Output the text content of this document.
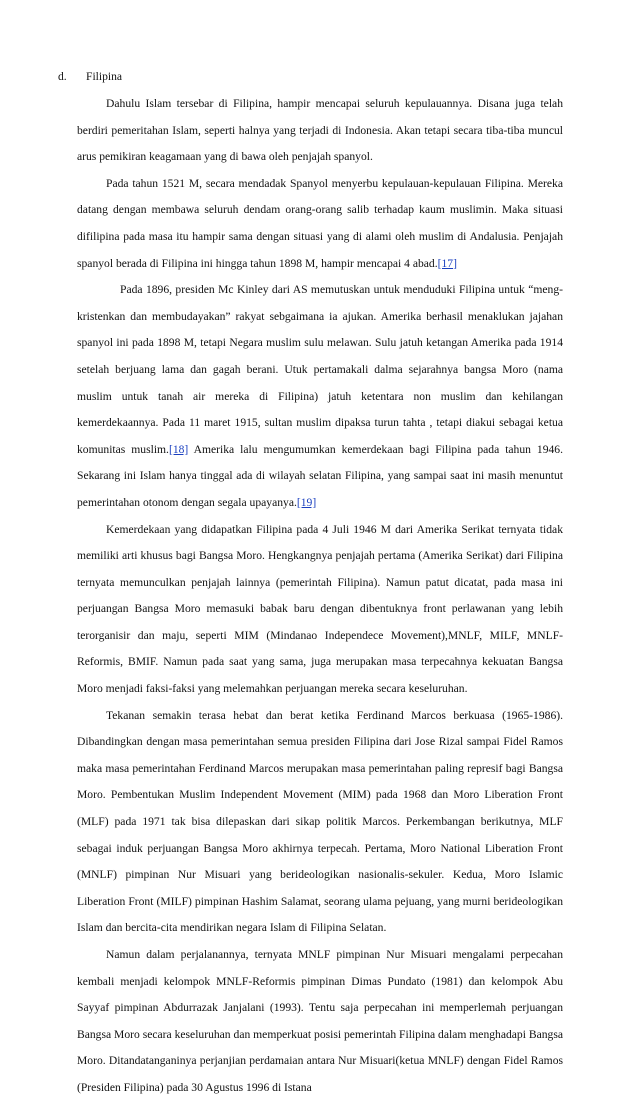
d. Filipina

Dahulu Islam tersebar di Filipina, hampir mencapai seluruh kepulauannya. Disana juga telah berdiri pemeritahan Islam, seperti halnya yang terjadi di Indonesia. Akan tetapi secara tiba-tiba muncul arus pemikiran keagamaan yang di bawa oleh penjajah spanyol.

Pada tahun 1521 M, secara mendadak Spanyol menyerbu kepulauan-kepulauan Filipina. Mereka datang dengan membawa seluruh dendam orang-orang salib terhadap kaum muslimin. Maka situasi difilipina pada masa itu hampir sama dengan situasi yang di alami oleh muslim di Andalusia. Penjajah spanyol berada di Filipina ini hingga tahun 1898 M, hampir mencapai 4 abad.[17]

Pada 1896, presiden Mc Kinley dari AS memutuskan untuk menduduki Filipina untuk “meng-kristenkan dan membudayakan” rakyat sebgaimana ia ajukan. Amerika berhasil menaklukan jajahan spanyol ini pada 1898 M, tetapi Negara muslim sulu melawan. Sulu jatuh ketangan Amerika pada 1914 setelah berjuang lama dan gagah berani. Utuk pertamakali dalma sejarahnya bangsa Moro (nama muslim untuk tanah air mereka di Filipina) jatuh ketentara non muslim dan kehilangan kemerdekaannya. Pada 11 maret 1915, sultan muslim dipaksa turun tahta , tetapi diakui sebagai ketua komunitas muslim.[18] Amerika lalu mengumumkan kemerdekaan bagi Filipina pada tahun 1946. Sekarang ini Islam hanya tinggal ada di wilayah selatan Filipina, yang sampai saat ini masih menuntut pemerintahan otonom dengan segala upayanya.[19]

Kemerdekaan yang didapatkan Filipina pada 4 Juli 1946 M dari Amerika Serikat ternyata tidak memiliki arti khusus bagi Bangsa Moro. Hengkangnya penjajah pertama (Amerika Serikat) dari Filipina ternyata memunculkan penjajah lainnya (pemerintah Filipina). Namun patut dicatat, pada masa ini perjuangan Bangsa Moro memasuki babak baru dengan dibentuknya front perlawanan yang lebih terorganisir dan maju, seperti MIM (Mindanao Independece Movement),MNLF, MILF, MNLF-Reformis, BMIF. Namun pada saat yang sama, juga merupakan masa terpecahnya kekuatan Bangsa Moro menjadi faksi-faksi yang melemahkan perjuangan mereka secara keseluruhan.

Tekanan semakin terasa hebat dan berat ketika Ferdinand Marcos berkuasa (1965-1986). Dibandingkan dengan masa pemerintahan semua presiden Filipina dari Jose Rizal sampai Fidel Ramos maka masa pemerintahan Ferdinand Marcos merupakan masa pemerintahan paling represif bagi Bangsa Moro. Pembentukan Muslim Independent Movement (MIM) pada 1968 dan Moro Liberation Front (MLF) pada 1971 tak bisa dilepaskan dari sikap politik Marcos. Perkembangan berikutnya, MLF sebagai induk perjuangan Bangsa Moro akhirnya terpecah. Pertama, Moro National Liberation Front (MNLF) pimpinan Nur Misuari yang berideologikan nasionalis-sekuler. Kedua, Moro Islamic Liberation Front (MILF) pimpinan Hashim Salamat, seorang ulama pejuang, yang murni berideologikan Islam dan bercita-cita mendirikan negara Islam di Filipina Selatan.

Namun dalam perjalanannya, ternyata MNLF pimpinan Nur Misuari mengalami perpecahan kembali menjadi kelompok MNLF-Reformis pimpinan Dimas Pundato (1981) dan kelompok Abu Sayyaf pimpinan Abdurrazak Janjalani (1993). Tentu saja perpecahan ini memperlemah perjuangan Bangsa Moro secara keseluruhan dan memperkuat posisi pemerintah Filipina dalam menghadapi Bangsa Moro. Ditandatanganinya perjanjian perdamaian antara Nur Misuari(ketua MNLF) dengan Fidel Ramos (Presiden Filipina) pada 30 Agustus 1996 di Istana
